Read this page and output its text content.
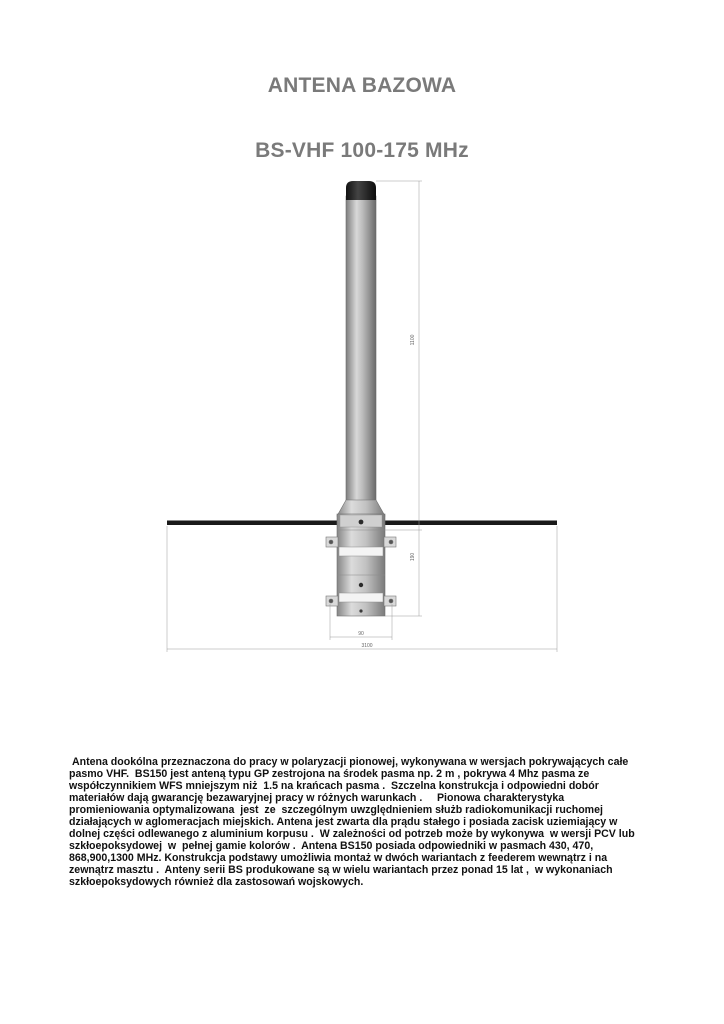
ANTENA BAZOWA
BS-VHF 100-175 MHz
1100
190
90
3100
Antena dookólna przeznaczona do pracy w polaryzacji pionowej, wykonywana w wersjach pokrywających całe
pasmo VHF.  BS150 jest anteną typu GP zestrojona na środek pasma np. 2 m , pokrywa 4 Mhz pasma ze
współczynnikiem WFS mniejszym niż  1.5 na krańcach pasma .  Szczelna konstrukcja i odpowiedni dobór
materiałów dają gwarancję bezawaryjnej pracy w różnych warunkach .     Pionowa charakterystyka
promieniowania optymalizowana  jest  ze  szczególnym uwzględnieniem służb radiokomunikacji ruchomej
działających w aglomeracjach miejskich. Antena jest zwarta dla prądu stałego i posiada zacisk uziemiający w
dolnej części odlewanego z aluminium korpusu .  W zależności od potrzeb może by wykonywa  w wersji PCV lub
szkłoepoksydowej  w  pełnej gamie kolorów .  Antena BS150 posiada odpowiedniki w pasmach 430, 470,
868,900,1300 MHz. Konstrukcja podstawy umożliwia montaż w dwóch wariantach z feederem wewnątrz i na
zewnątrz masztu .  Anteny serii BS produkowane są w wielu wariantach przez ponad 15 lat ,  w wykonaniach
szkłoepoksydowych również dla zastosowań wojskowych.
